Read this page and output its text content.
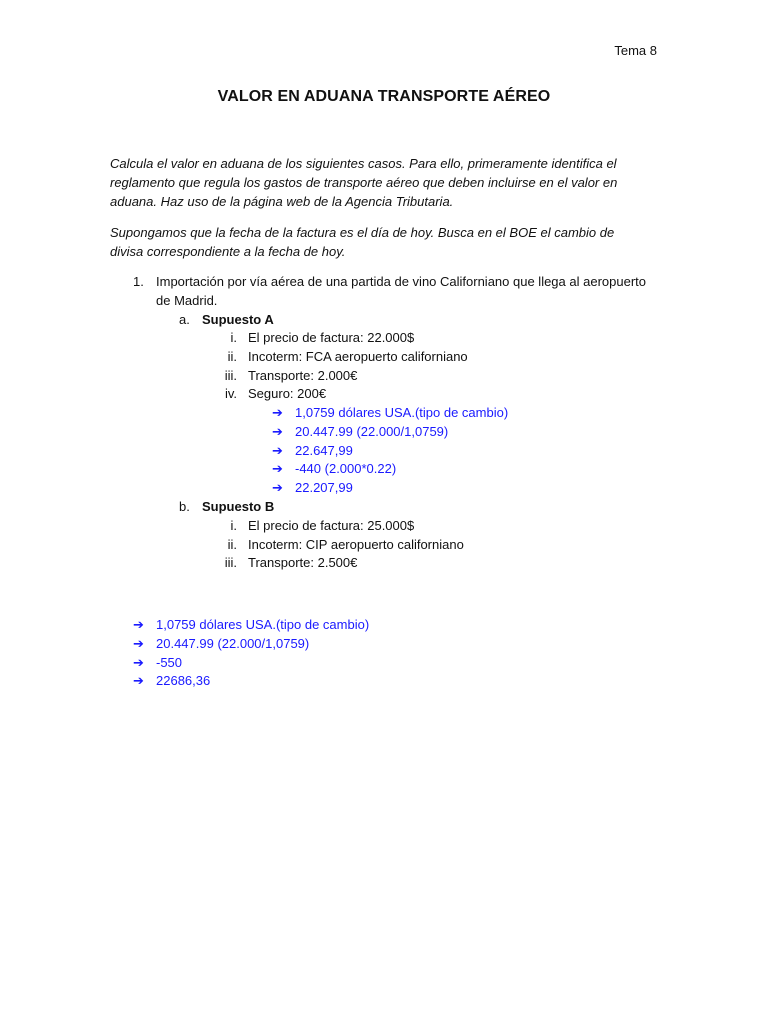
Tema 8
VALOR EN ADUANA TRANSPORTE AÉREO
Calcula el valor en aduana de los siguientes casos. Para ello, primeramente identifica el reglamento que regula los gastos de transporte aéreo que deben incluirse en el valor en aduana. Haz uso de la página web de la Agencia Tributaria.
Supongamos que la fecha de la factura es el día de hoy. Busca en el BOE el cambio de divisa correspondiente a la fecha de hoy.
1. Importación por vía aérea de una partida de vino Californiano que llega al aeropuerto
de Madrid.
a. Supuesto A
i. El precio de factura: 22.000$
ii. Incoterm: FCA aeropuerto californiano
iii. Transporte: 2.000€
iv. Seguro: 200€
➔ 1,0759 dólares USA.(tipo de cambio)
➔ 20.447.99 (22.000/1,0759)
➔ 22.647,99
➔ -440 (2.000*0.22)
➔ 22.207,99
b. Supuesto B
i. El precio de factura: 25.000$
ii. Incoterm: CIP aeropuerto californiano
iii. Transporte: 2.500€
➔ 1,0759 dólares USA.(tipo de cambio)
➔ 20.447.99 (22.000/1,0759)
➔ -550
➔ 22686,36
